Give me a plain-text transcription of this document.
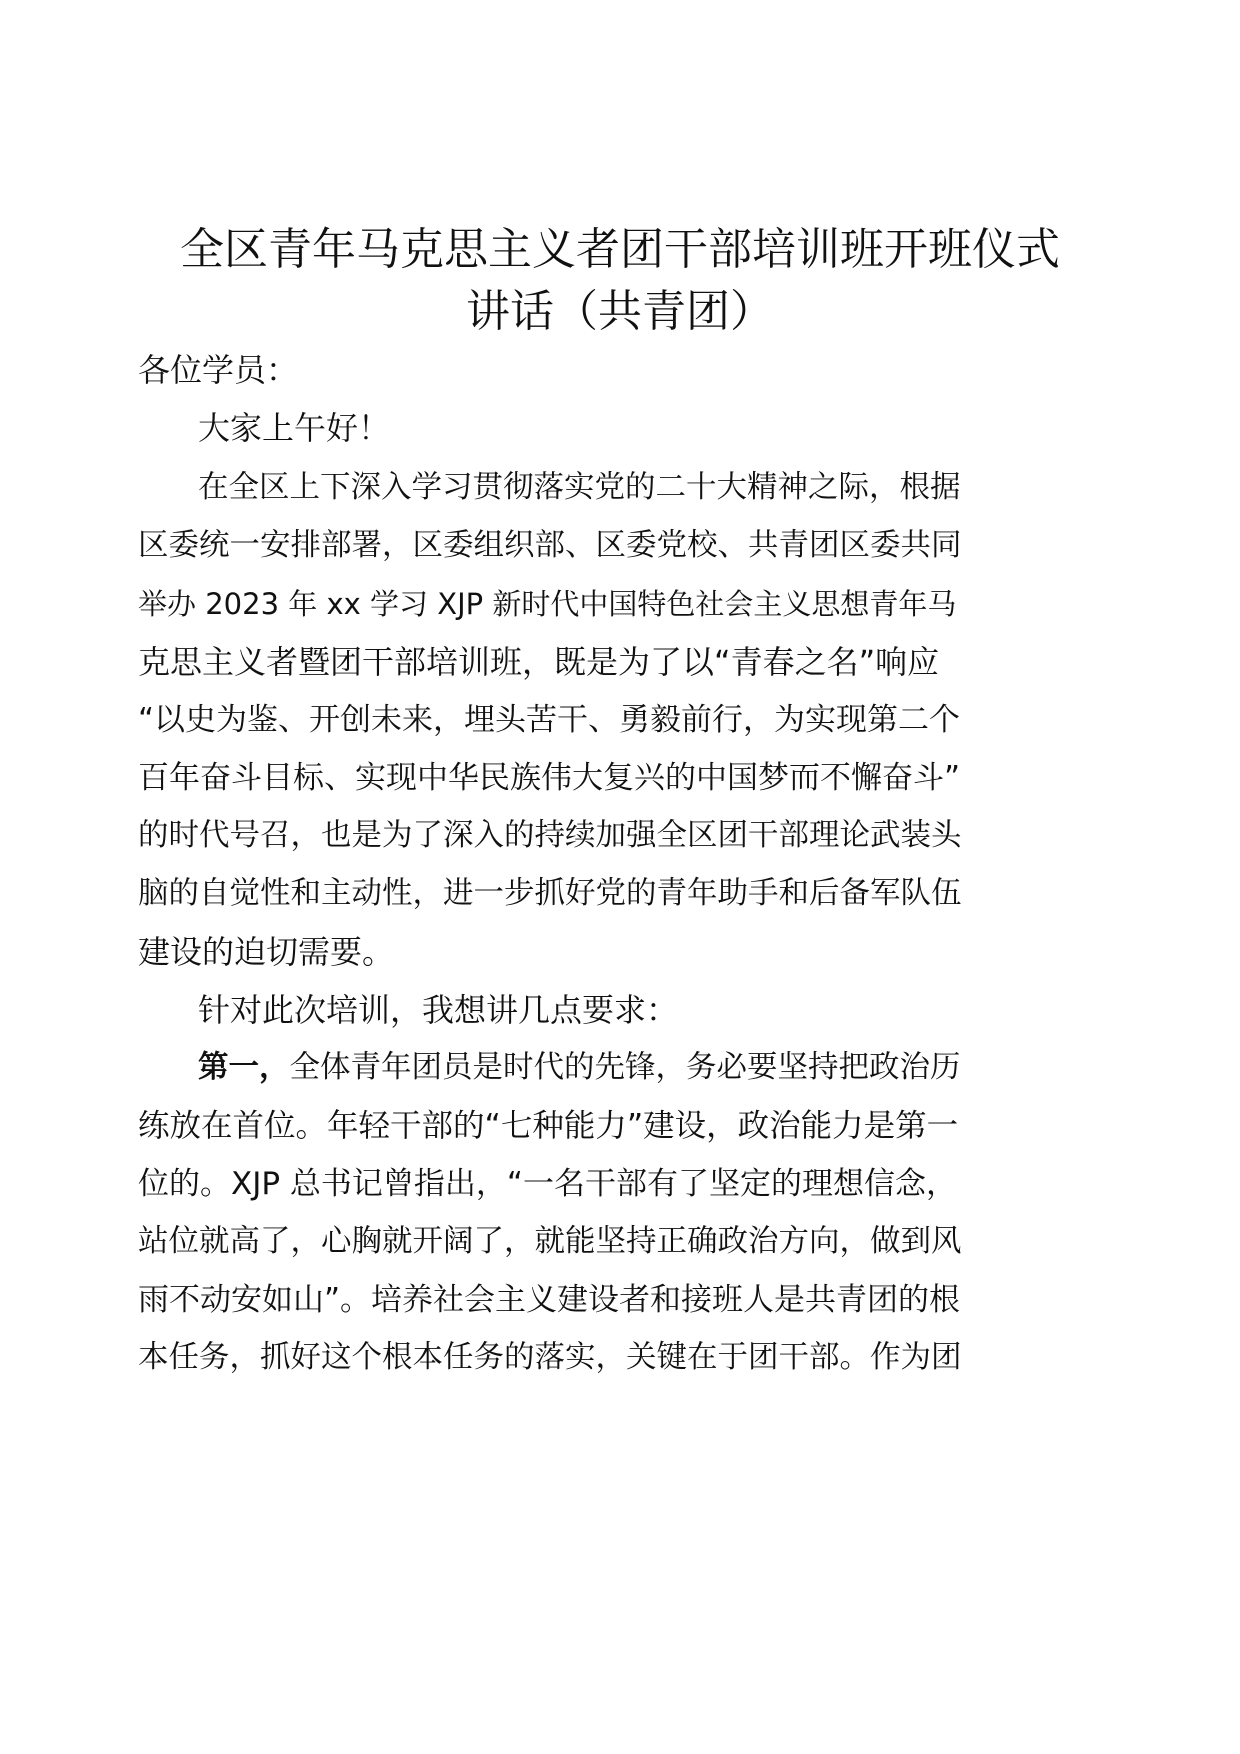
全区青年马克思主义者团干部培训班开班仪式
讲话（共青团）
各位学员：
大家上午好！
在全区上下深入学习贯彻落实党的二十大精神之际，根据
区委统一安排部署，区委组织部、区委党校、共青团区委共同
举办 2023 年 xx 学习 XJP 新时代中国特色社会主义思想青年马
克思主义者暨团干部培训班，既是为了以“青春之名”响应
“以史为鉴、开创未来，埋头苦干、勇毅前行，为实现第二个
百年奋斗目标、实现中华民族伟大复兴的中国梦而不懈奋斗”
的时代号召，也是为了深入的持续加强全区团干部理论武装头
脑的自觉性和主动性，进一步抓好党的青年助手和后备军队伍
建设的迫切需要。
针对此次培训，我想讲几点要求：
第一，全体青年团员是时代的先锋，务必要坚持把政治历
练放在首位。年轻干部的“七种能力”建设，政治能力是第一
位的。XJP 总书记曾指出，“一名干部有了坚定的理想信念，
站位就高了，心胸就开阔了，就能坚持正确政治方向，做到风
雨不动安如山”。培养社会主义建设者和接班人是共青团的根
本任务，抓好这个根本任务的落实，关键在于团干部。作为团
